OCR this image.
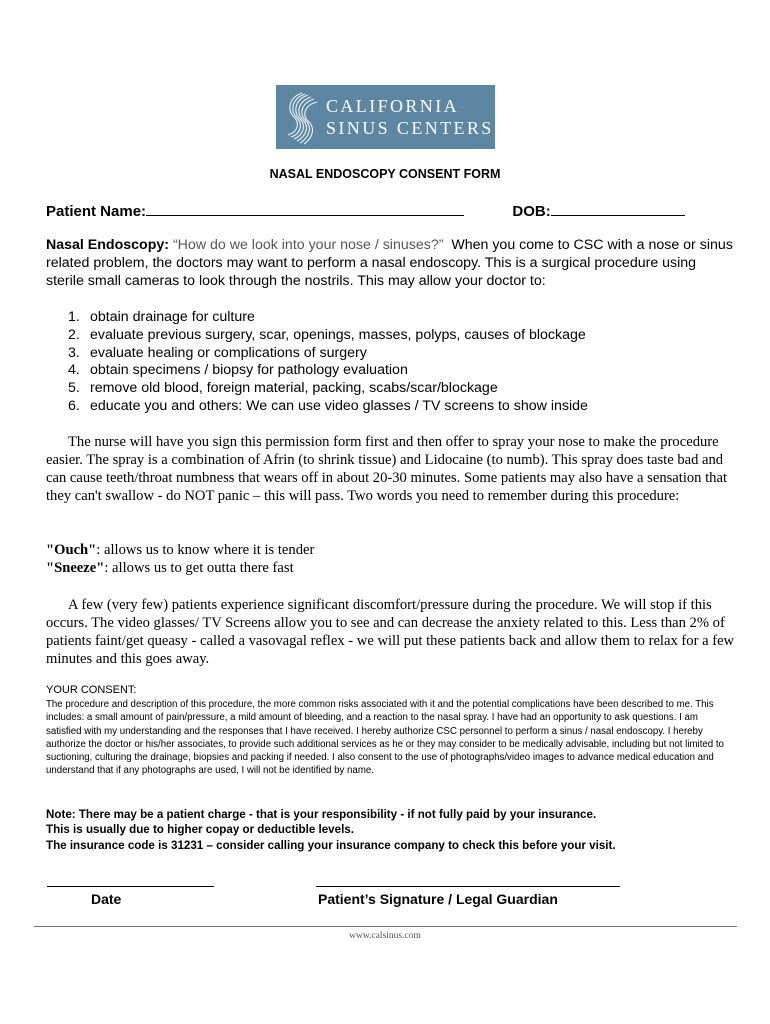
CALIFORNIA
SINUS CENTERS
NASAL ENDOSCOPY CONSENT FORM
Patient Name:	DOB:
Nasal Endoscopy: “How do we look into your nose / sinuses?” When you come to CSC with a nose or sinus related problem, the doctors may want to perform a nasal endoscopy. This is a surgical procedure using sterile small cameras to look through the nostrils. This may allow your doctor to:
1. obtain drainage for culture
2. evaluate previous surgery, scar, openings, masses, polyps, causes of blockage
3. evaluate healing or complications of surgery
4. obtain specimens / biopsy for pathology evaluation
5. remove old blood, foreign material, packing, scabs/scar/blockage
6. educate you and others: We can use video glasses / TV screens to show inside
The nurse will have you sign this permission form first and then offer to spray your nose to make the procedure easier. The spray is a combination of Afrin (to shrink tissue) and Lidocaine (to numb). This spray does taste bad and can cause teeth/throat numbness that wears off in about 20-30 minutes. Some patients may also have a sensation that they can't swallow - do NOT panic – this will pass. Two words you need to remember during this procedure:
"Ouch": allows us to know where it is tender
"Sneeze": allows us to get outta there fast
A few (very few) patients experience significant discomfort/pressure during the procedure. We will stop if this occurs. The video glasses/ TV Screens allow you to see and can decrease the anxiety related to this. Less than 2% of patients faint/get queasy - called a vasovagal reflex - we will put these patients back and allow them to relax for a few minutes and this goes away.
YOUR CONSENT:
The procedure and description of this procedure, the more common risks associated with it and the potential complications have been described to me. This includes: a small amount of pain/pressure, a mild amount of bleeding, and a reaction to the nasal spray. I have had an opportunity to ask questions. I am satisfied with my understanding and the responses that I have received. I hereby authorize CSC personnel to perform a sinus / nasal endoscopy. I hereby authorize the doctor or his/her associates, to provide such additional services as he or they may consider to be medically advisable, including but not limited to suctioning, culturing the drainage, biopsies and packing if needed. I also consent to the use of photographs/video images to advance medical education and understand that if any photographs are used, I will not be identified by name.
Note: There may be a patient charge - that is your responsibility - if not fully paid by your insurance.
This is usually due to higher copay or deductible levels.
The insurance code is 31231 – consider calling your insurance company to check this before your visit.
Date	Patient’s Signature / Legal Guardian
www.calsinus.com
